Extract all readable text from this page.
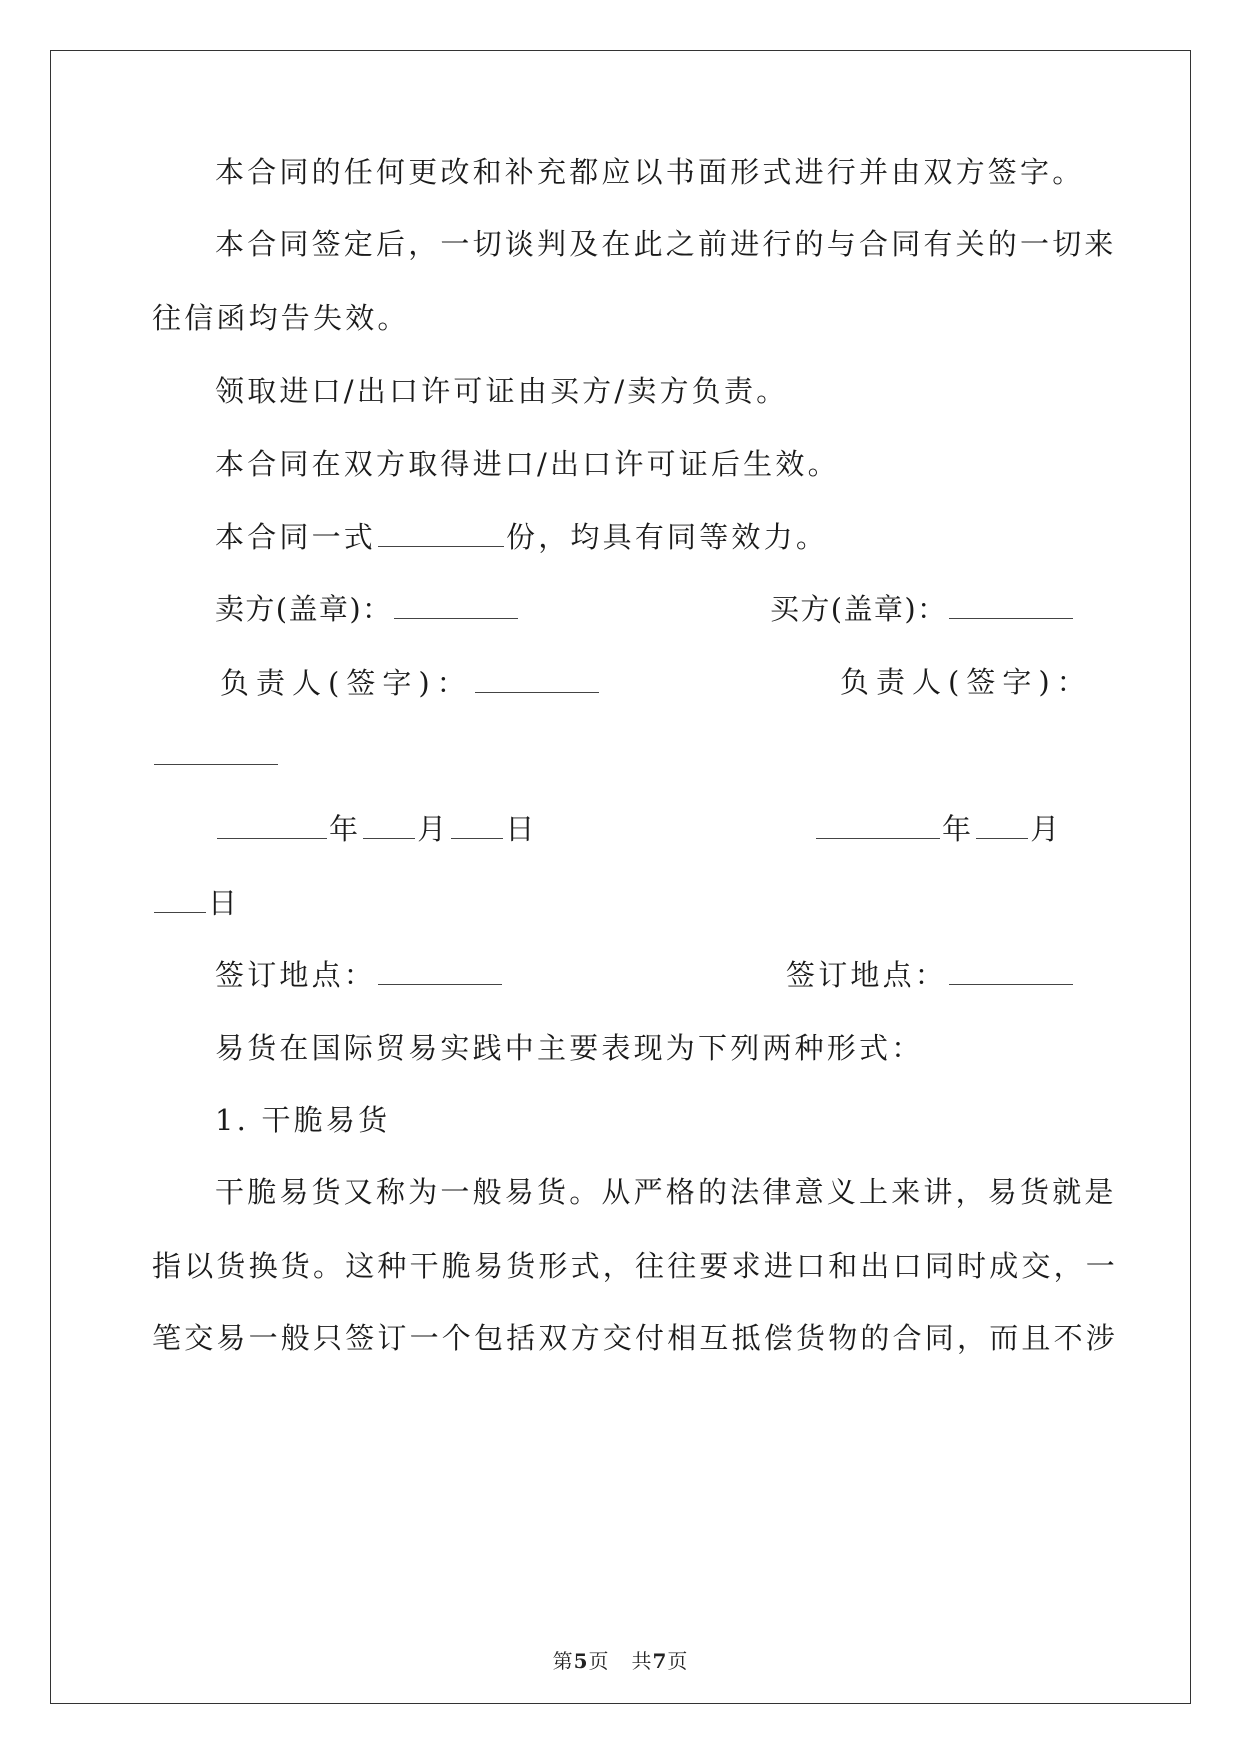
本合同的任何更改和补充都应以书面形式进行并由双方签字。
本合同签定后，一切谈判及在此之前进行的与合同有关的一切来
往信函均告失效。
领取进口/出口许可证由买方/卖方负责。
本合同在双方取得进口/出口许可证后生效。
本合同一式	份，均具有同等效力。
卖方(盖章)：	买方(盖章)：
负责人(签字)：	负责人(签字)：
年 月 日	年 月
日
签订地点：	签订地点：
易货在国际贸易实践中主要表现为下列两种形式：
1. 干脆易货
干脆易货又称为一般易货。从严格的法律意义上来讲，易货就是
指以货换货。这种干脆易货形式，往往要求进口和出口同时成交，一
笔交易一般只签订一个包括双方交付相互抵偿货物的合同，而且不涉
第5页 共7页
